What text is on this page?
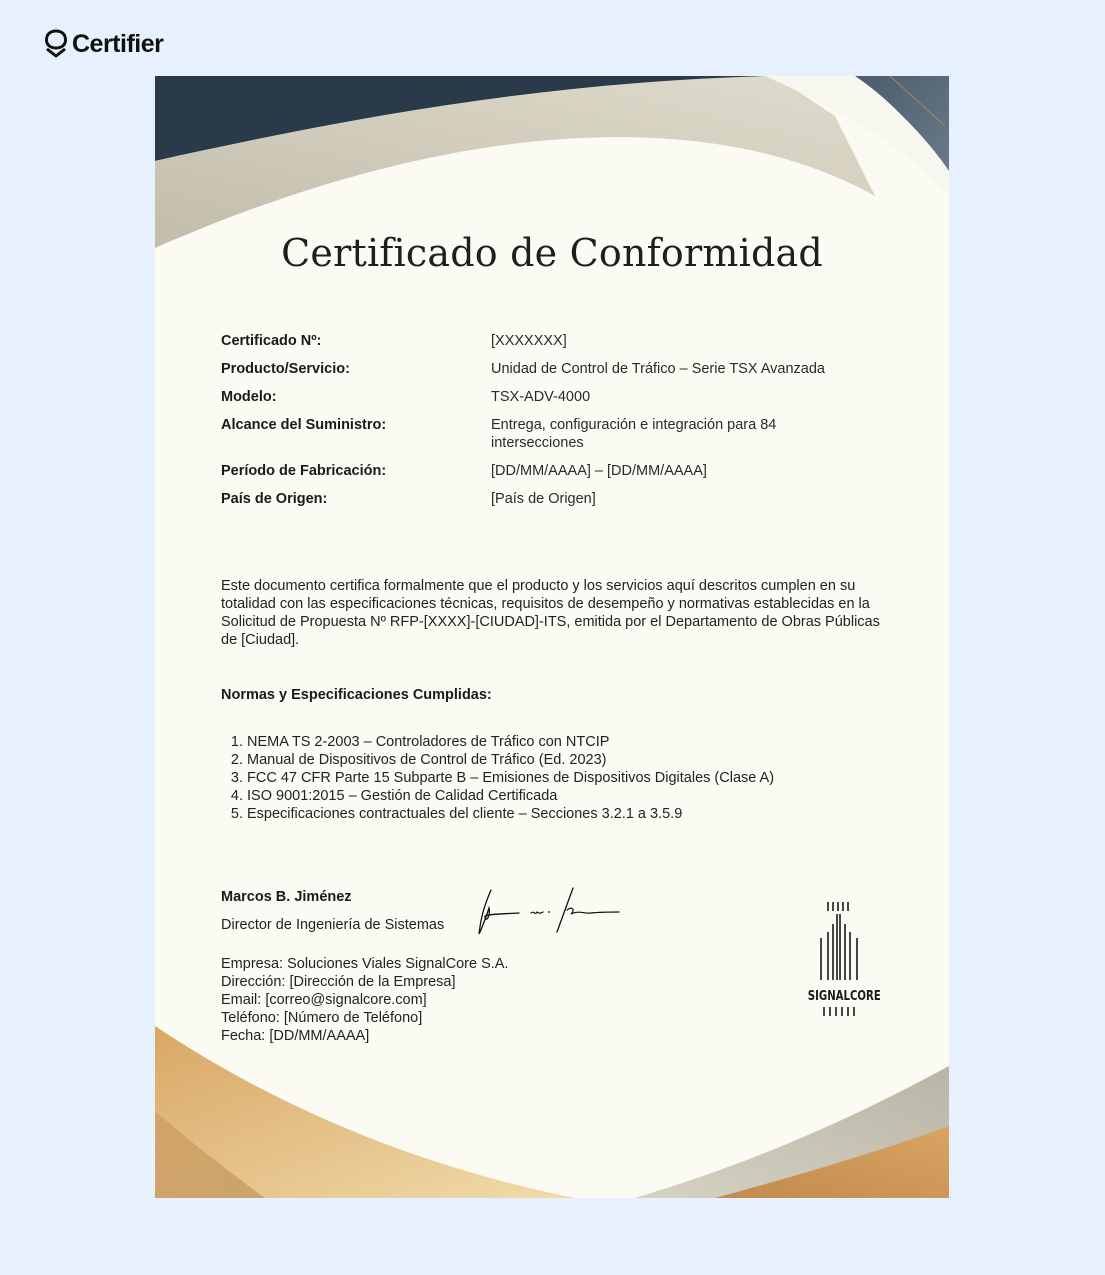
Certifier
Certificado de Conformidad
Certificado Nº:	[XXXXXXX]
Producto/Servicio:	Unidad de Control de Tráfico – Serie TSX Avanzada
Modelo:	TSX-ADV-4000
Alcance del Suministro:	Entrega, configuración e integración para 84 intersecciones
Período de Fabricación:	[DD/MM/AAAA] – [DD/MM/AAAA]
País de Origen:	[País de Origen]
Este documento certifica formalmente que el producto y los servicios aquí descritos cumplen en su totalidad con las especificaciones técnicas, requisitos de desempeño y normativas establecidas en la Solicitud de Propuesta Nº RFP-[XXXX]-[CIUDAD]-ITS, emitida por el Departamento de Obras Públicas de [Ciudad].
Normas y Especificaciones Cumplidas:
1. NEMA TS 2-2003 – Controladores de Tráfico con NTCIP
2. Manual de Dispositivos de Control de Tráfico (Ed. 2023)
3. FCC 47 CFR Parte 15 Subparte B – Emisiones de Dispositivos Digitales (Clase A)
4. ISO 9001:2015 – Gestión de Calidad Certificada
5. Especificaciones contractuales del cliente – Secciones 3.2.1 a 3.5.9
Marcos B. Jiménez
Director de Ingeniería de Sistemas
Empresa: Soluciones Viales SignalCore S.A.
Dirección: [Dirección de la Empresa]
Email: [correo@signalcore.com]
Teléfono: [Número de Teléfono]
Fecha: [DD/MM/AAAA]
SIGNALCORE
